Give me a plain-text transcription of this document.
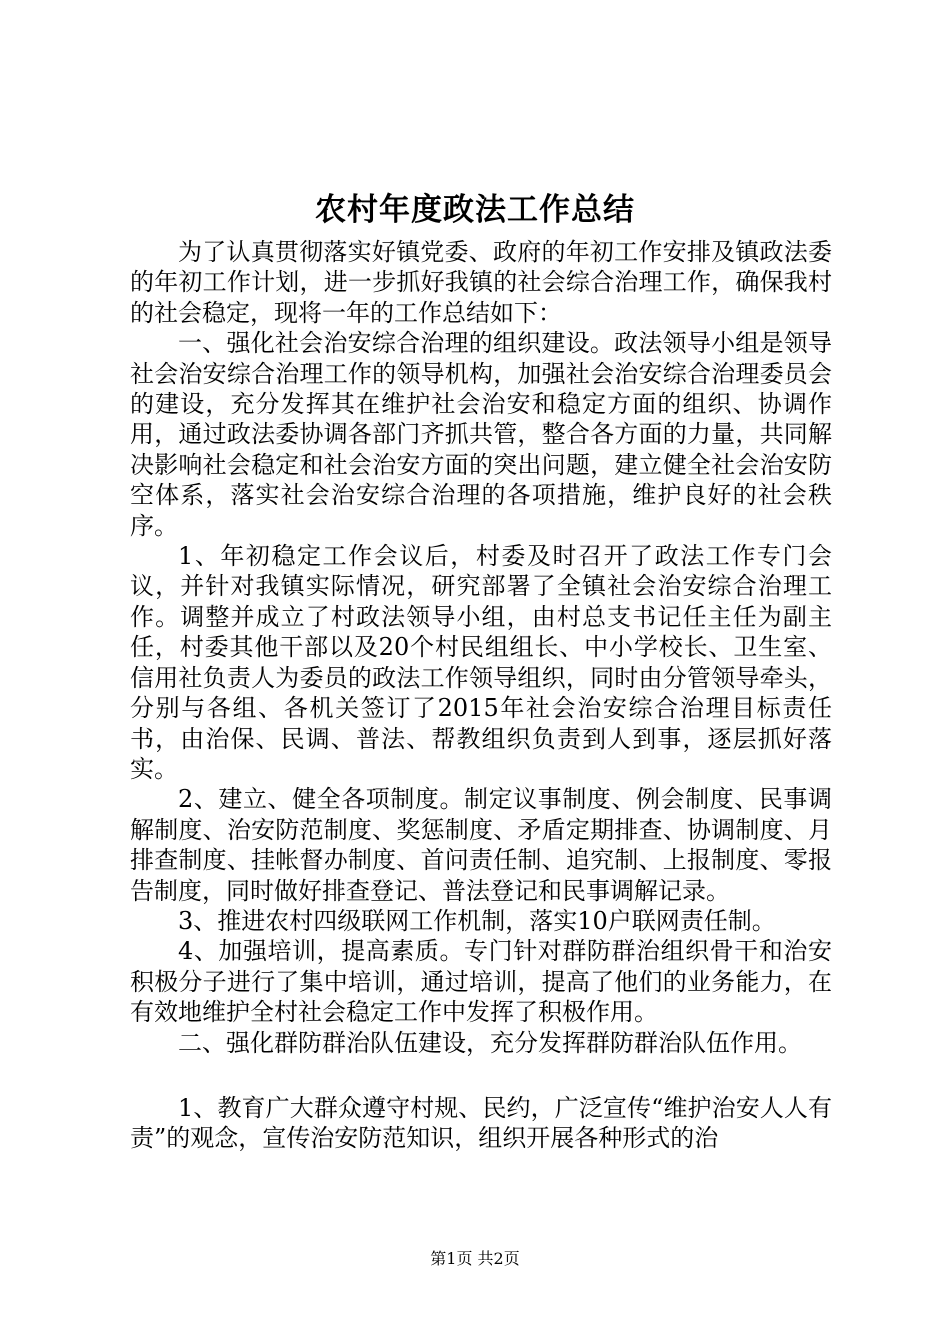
农村年度政法工作总结

为了认真贯彻落实好镇党委、政府的年初工作安排及镇政法委的年初工作计划，进一步抓好我镇的社会综合治理工作，确保我村的社会稳定，现将一年的工作总结如下：

一、强化社会治安综合治理的组织建设。政法领导小组是领导社会治安综合治理工作的领导机构，加强社会治安综合治理委员会的建设，充分发挥其在维护社会治安和稳定方面的组织、协调作用，通过政法委协调各部门齐抓共管，整合各方面的力量，共同解决影响社会稳定和社会治安方面的突出问题，建立健全社会治安防空体系，落实社会治安综合治理的各项措施，维护良好的社会秩序。

1、年初稳定工作会议后，村委及时召开了政法工作专门会议，并针对我镇实际情况，研究部署了全镇社会治安综合治理工作。调整并成立了村政法领导小组，由村总支书记任主任为副主任，村委其他干部以及20个村民组组长、中小学校长、卫生室、信用社负责人为委员的政法工作领导组织，同时由分管领导牵头，分别与各组、各机关签订了2015年社会治安综合治理目标责任书，由治保、民调、普法、帮教组织负责到人到事，逐层抓好落实。

2、建立、健全各项制度。制定议事制度、例会制度、民事调解制度、治安防范制度、奖惩制度、矛盾定期排查、协调制度、月排查制度、挂帐督办制度、首问责任制、追究制、上报制度、零报告制度，同时做好排查登记、普法登记和民事调解记录。

3、推进农村四级联网工作机制，落实10户联网责任制。

4、加强培训，提高素质。专门针对群防群治组织骨干和治安积极分子进行了集中培训，通过培训，提高了他们的业务能力，在有效地维护全村社会稳定工作中发挥了积极作用。

二、强化群防群治队伍建设，充分发挥群防群治队伍作用。

1、教育广大群众遵守村规、民约，广泛宣传“维护治安人人有责”的观念，宣传治安防范知识，组织开展各种形式的治

第1页 共2页
